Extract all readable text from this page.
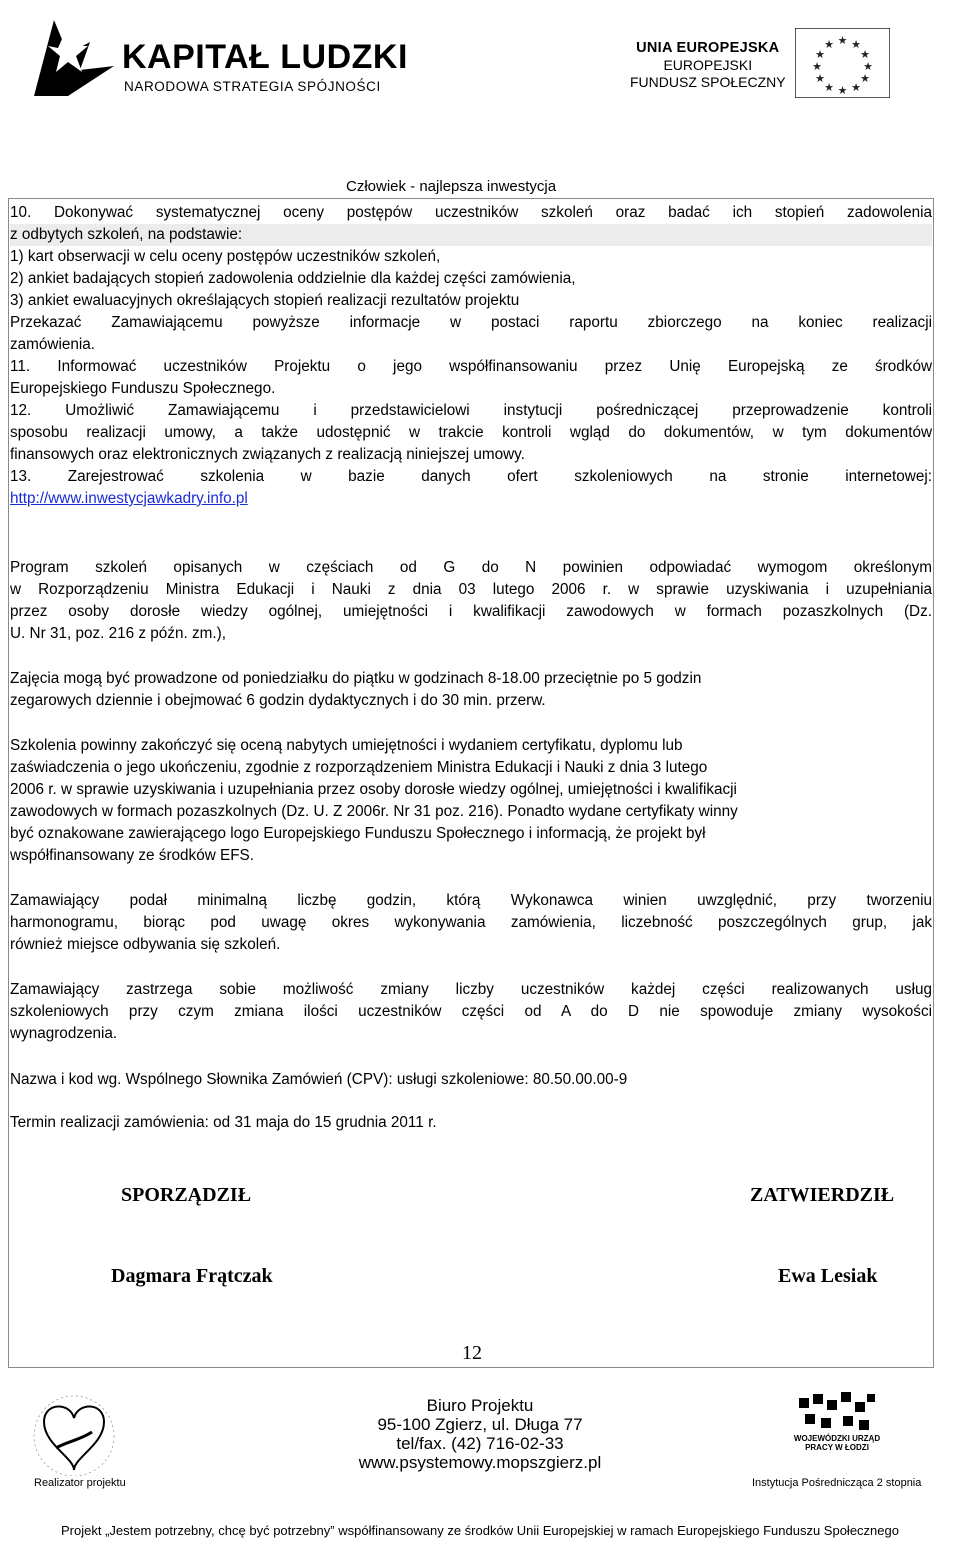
KAPITAŁ LUDZKI
NARODOWA STRATEGIA SPÓJNOŚCI
UNIA EUROPEJSKA
EUROPEJSKI
FUNDUSZ SPOŁECZNY
★ ★
★
★
★
★
★
★
★
★
★
★
Człowiek - najlepsza inwestycja

10. Dokonywać systematycznej oceny postępów uczestników szkoleń oraz badać ich stopień zadowolenia

z odbytych szkoleń, na podstawie:

1) kart obserwacji w celu oceny postępów uczestników szkoleń,

2) ankiet badających stopień zadowolenia oddzielnie dla każdej części zamówienia,

3) ankiet ewaluacyjnych określających stopień realizacji rezultatów projektu

Przekazać Zamawiającemu powyższe informacje w postaci raportu zbiorczego na koniec realizacji

zamówienia.

11. Informować uczestników Projektu o jego współfinansowaniu przez Unię Europejską ze środków

Europejskiego Funduszu Społecznego.

12. Umożliwić Zamawiającemu i przedstawicielowi instytucji pośredniczącej przeprowadzenie kontroli

sposobu realizacji umowy, a także udostępnić w trakcie kontroli wgląd do dokumentów, w tym dokumentów

finansowych oraz elektronicznych związanych z realizacją niniejszej umowy.

13. Zarejestrować szkolenia w bazie danych ofert szkoleniowych na stronie internetowej:

http://www.inwestycjawkadry.info.pl

Program szkoleń opisanych w częściach od G do N powinien odpowiadać wymogom określonym

w Rozporządzeniu Ministra Edukacji i Nauki z dnia 03 lutego 2006 r. w sprawie uzyskiwania i uzupełniania

przez osoby dorosłe wiedzy ogólnej, umiejętności i kwalifikacji zawodowych w formach pozaszkolnych (Dz.

U. Nr 31, poz. 216 z późn. zm.),

Zajęcia mogą być prowadzone od poniedziałku do piątku w godzinach 8-18.00 przeciętnie po 5 godzin

zegarowych dziennie i obejmować 6 godzin dydaktycznych i do 30 min. przerw.

Szkolenia powinny zakończyć się oceną nabytych umiejętności i wydaniem certyfikatu, dyplomu lub

zaświadczenia o jego ukończeniu, zgodnie z rozporządzeniem Ministra Edukacji i Nauki z dnia 3 lutego

2006 r. w sprawie uzyskiwania i uzupełniania przez osoby dorosłe wiedzy ogólnej, umiejętności i kwalifikacji

zawodowych w formach pozaszkolnych (Dz. U. Z 2006r. Nr 31 poz. 216). Ponadto wydane certyfikaty winny

być oznakowane zawierającego logo Europejskiego Funduszu Społecznego i informacją, że projekt był

współfinansowany ze środków EFS.

Zamawiający podał minimalną liczbę godzin, którą Wykonawca winien uwzględnić, przy tworzeniu

harmonogramu, biorąc pod uwagę okres wykonywania zamówienia, liczebność poszczególnych grup, jak

również miejsce odbywania się szkoleń.

Zamawiający zastrzega sobie możliwość zmiany liczby uczestników każdej części realizowanych usług

szkoleniowych przy czym zmiana ilości uczestników części od A do D nie spowoduje zmiany wysokości

wynagrodzenia.

Nazwa i kod wg. Wspólnego Słownika Zamówień (CPV): usługi szkoleniowe: 80.50.00.00-9
Termin realizacji zamówienia: od 31 maja do 15 grudnia 2011 r.
SPORZĄDZIŁ	ZATWIERDZIŁ
Dagmara Frątczak	Ewa Lesiak
12
Realizator projektu
Biuro Projektu
95-100 Zgierz, ul. Długa 77
tel/fax. (42) 716-02-33
www.psystemowy.mopszgierz.pl
WOJEWÓDZKI URZĄD PRACY W ŁODZI
Instytucja Pośrednicząca 2 stopnia
Projekt „Jestem potrzebny, chcę być potrzebny” współfinansowany ze środków Unii Europejskiej w ramach Europejskiego Funduszu Społecznego
